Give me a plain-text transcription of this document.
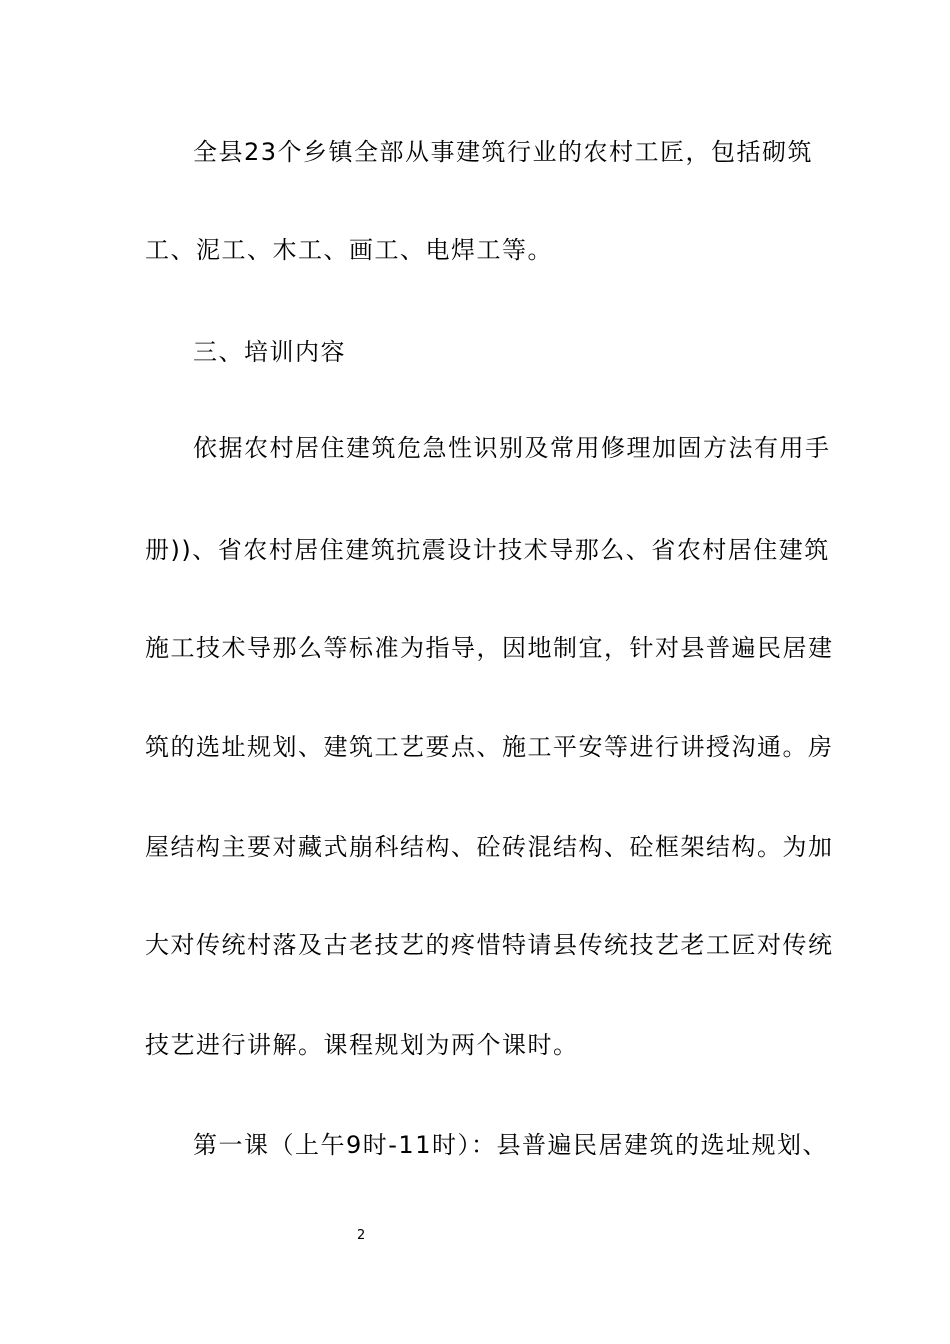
全县23个乡镇全部从事建筑行业的农村工匠，包括砌筑
工、泥工、木工、画工、电焊工等。
三、培训内容
依据农村居住建筑危急性识别及常用修理加固方法有用手
册))、省农村居住建筑抗震设计技术导那么、省农村居住建筑
施工技术导那么等标准为指导，因地制宜，针对县普遍民居建
筑的选址规划、建筑工艺要点、施工平安等进行讲授沟通。房
屋结构主要对藏式崩科结构、砼砖混结构、砼框架结构。为加
大对传统村落及古老技艺的疼惜特请县传统技艺老工匠对传统
技艺进行讲解。课程规划为两个课时。
第一课（上午9时-11时）：县普遍民居建筑的选址规划、
2
